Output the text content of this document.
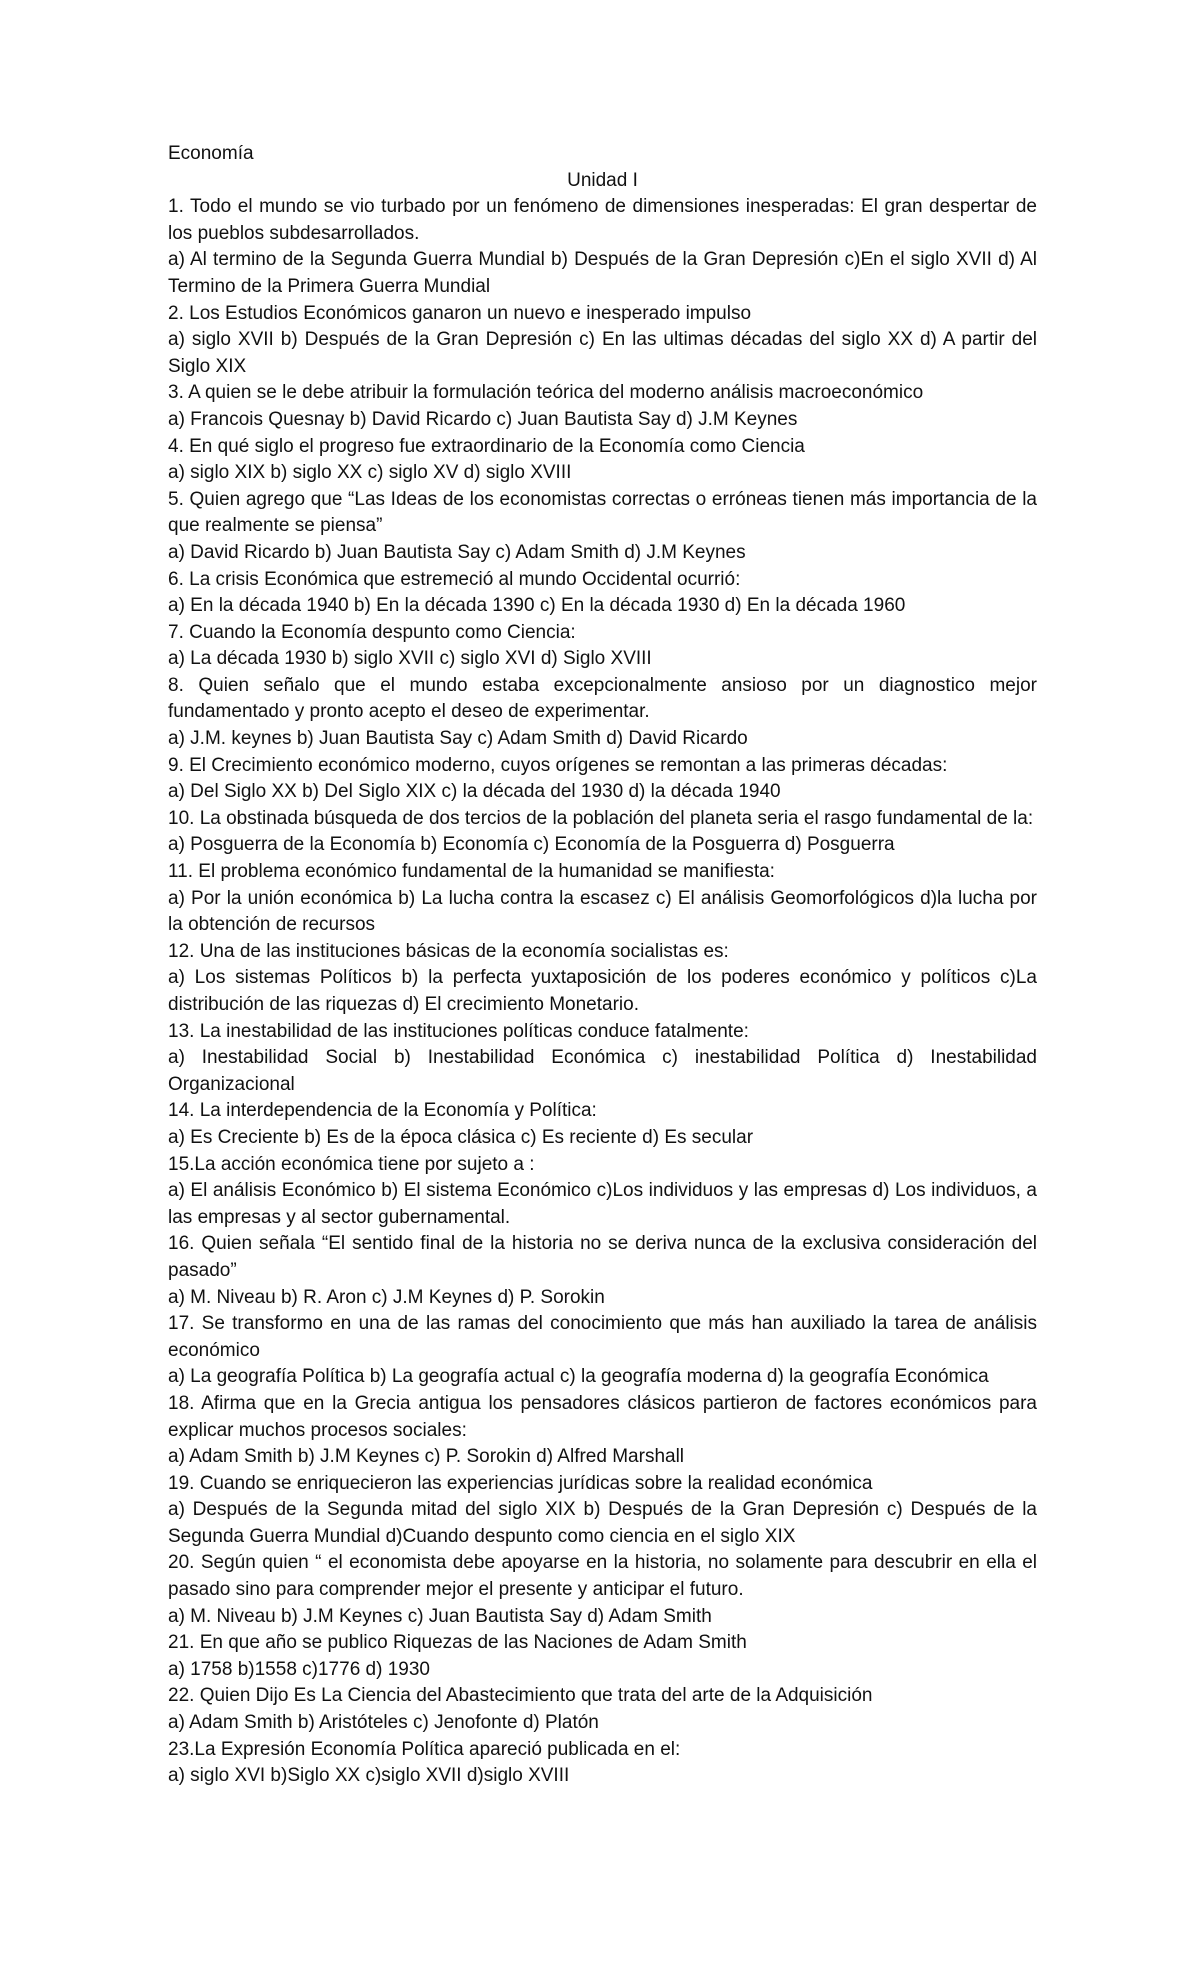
Economía

Unidad I

1. Todo el mundo se vio turbado por un fenómeno de dimensiones inesperadas: El gran despertar de los pueblos subdesarrollados.

a) Al termino de la Segunda Guerra Mundial b) Después de la Gran Depresión c)En el siglo XVII d) Al Termino de la Primera Guerra Mundial

2. Los Estudios Económicos ganaron un nuevo e inesperado impulso

a) siglo XVII b) Después de la Gran Depresión c) En las ultimas décadas del siglo XX d) A partir del Siglo XIX

3. A quien se le debe atribuir la formulación teórica del moderno análisis macroeconómico

a) Francois Quesnay b) David Ricardo c) Juan Bautista Say d) J.M Keynes

4. En qué siglo el progreso fue extraordinario de la Economía como Ciencia

a) siglo XIX b) siglo XX c) siglo XV d) siglo XVIII

5. Quien agrego que “Las Ideas de los economistas correctas o erróneas tienen más importancia de la que realmente se piensa”

a) David Ricardo b) Juan Bautista Say c) Adam Smith d) J.M Keynes

6. La crisis Económica que estremeció al mundo Occidental ocurrió:

a) En la década 1940 b) En la década 1390 c) En la década 1930 d) En la década 1960

7. Cuando la Economía despunto como Ciencia:

a) La década 1930 b) siglo XVII c) siglo XVI d) Siglo XVIII

8. Quien señalo que el mundo estaba excepcionalmente ansioso por un diagnostico mejor fundamentado y pronto acepto el deseo de experimentar.

a) J.M. keynes b) Juan Bautista Say c) Adam Smith d) David Ricardo

9. El Crecimiento económico moderno, cuyos orígenes se remontan a las primeras décadas:

a) Del Siglo XX b) Del Siglo XIX c) la década del 1930 d) la década 1940

10. La obstinada búsqueda de dos tercios de la población del planeta seria el rasgo fundamental de la:

a) Posguerra de la Economía b) Economía c) Economía de la Posguerra d) Posguerra

11. El problema económico fundamental de la humanidad se manifiesta:

a) Por la unión económica b) La lucha contra la escasez c) El análisis Geomorfológicos d)la lucha por la obtención de recursos

12. Una de las instituciones básicas de la economía socialistas es:

a) Los sistemas Políticos b) la perfecta yuxtaposición de los poderes económico y políticos c)La distribución de las riquezas d) El crecimiento Monetario.

13. La inestabilidad de las instituciones políticas conduce fatalmente:

a) Inestabilidad Social b) Inestabilidad Económica c) inestabilidad Política d) Inestabilidad Organizacional

14. La interdependencia de la Economía y Política:

a) Es Creciente b) Es de la época clásica c) Es reciente d) Es secular

15.La acción económica tiene por sujeto a :

a) El análisis Económico b) El sistema Económico c)Los individuos y las empresas d) Los individuos, a las empresas y al sector gubernamental.

16. Quien señala “El sentido final de la historia no se deriva nunca de la exclusiva consideración del pasado”

a) M. Niveau b) R. Aron c) J.M Keynes d) P. Sorokin

17. Se transformo en una de las ramas del conocimiento que más han auxiliado la tarea de análisis económico

a) La geografía Política b) La geografía actual c) la geografía moderna d) la geografía Económica

18. Afirma que en la Grecia antigua los pensadores clásicos partieron de factores económicos para explicar muchos procesos sociales:

a) Adam Smith b) J.M Keynes c) P. Sorokin d) Alfred Marshall

19. Cuando se enriquecieron las experiencias jurídicas sobre la realidad económica

a) Después de la Segunda mitad del siglo XIX b) Después de la Gran Depresión c) Después de la Segunda Guerra Mundial d)Cuando despunto como ciencia en el siglo XIX

20. Según quien “ el economista debe apoyarse en la historia, no solamente para descubrir en ella el pasado sino para comprender mejor el presente y anticipar el futuro.

a) M. Niveau b) J.M Keynes c) Juan Bautista Say d) Adam Smith

21. En que año se publico Riquezas de las Naciones de Adam Smith

a) 1758 b)1558 c)1776 d) 1930

22. Quien Dijo Es La Ciencia del Abastecimiento que trata del arte de la Adquisición

a) Adam Smith b) Aristóteles c) Jenofonte d) Platón

23.La Expresión Economía Política apareció publicada en el:

a) siglo XVI b)Siglo XX c)siglo XVII d)siglo XVIII
